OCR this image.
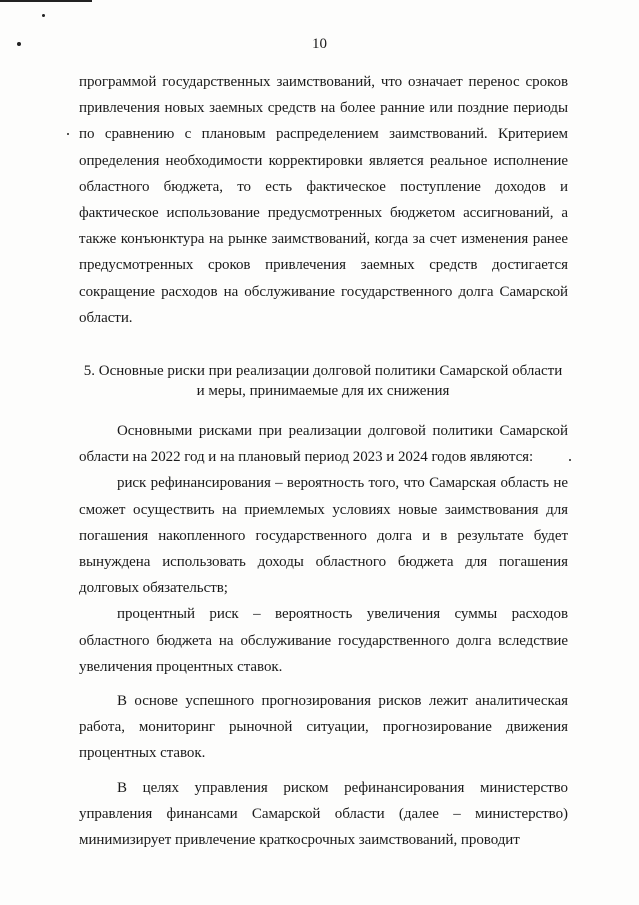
10

программой государственных заимствований, что означает перенос сроков привлечения новых заемных средств на более ранние или поздние периоды по сравнению с плановым распределением заимствований. Критерием определения необходимости корректировки является реальное исполнение областного бюджета, то есть фактическое поступление доходов и фактическое использование предусмотренных бюджетом ассигнований, а также конъюнктура на рынке заимствований, когда за счет изменения ранее предусмотренных сроков привлечения заемных средств достигается сокращение расходов на обслуживание государственного долга Самарской области.

5. Основные риски при реализации долговой политики Самарской области
и меры, принимаемые для их снижения

Основными рисками при реализации долговой политики Самарской области на 2022 год и на плановый период 2023 и 2024 годов являются:

риск рефинансирования – вероятность того, что Самарская область не сможет осуществить на приемлемых условиях новые заимствования для погашения накопленного государственного долга и в результате будет вынуждена использовать доходы областного бюджета для погашения долговых обязательств;

процентный риск – вероятность увеличения суммы расходов областного бюджета на обслуживание государственного долга вследствие увеличения процентных ставок.

В основе успешного прогнозирования рисков лежит аналитическая работа, мониторинг рыночной ситуации, прогнозирование движения процентных ставок.

В целях управления риском рефинансирования министерство управления финансами Самарской области (далее – министерство) минимизирует привлечение краткосрочных заимствований, проводит
